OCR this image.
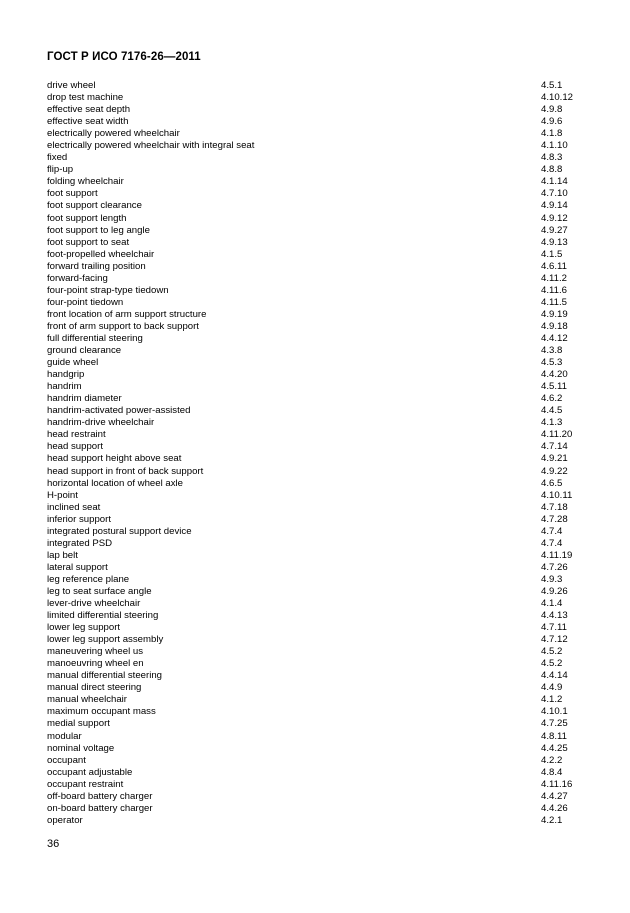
ГОСТ Р ИСО 7176-26—2011
drive wheel	4.5.1
drop test machine	4.10.12
effective seat depth	4.9.8
effective seat width	4.9.6
electrically powered wheelchair	4.1.8
electrically powered wheelchair with integral seat	4.1.10
fixed	4.8.3
flip-up	4.8.8
folding wheelchair	4.1.14
foot support	4.7.10
foot support clearance	4.9.14
foot support length	4.9.12
foot support to leg angle	4.9.27
foot support to seat	4.9.13
foot-propelled wheelchair	4.1.5
forward trailing position	4.6.11
forward-facing	4.11.2
four-point strap-type tiedown	4.11.6
four-point tiedown	4.11.5
front location of arm support structure	4.9.19
front of arm support to back support	4.9.18
full differential steering	4.4.12
ground clearance	4.3.8
guide wheel	4.5.3
handgrip	4.4.20
handrim	4.5.11
handrim diameter	4.6.2
handrim-activated power-assisted	4.4.5
handrim-drive wheelchair	4.1.3
head restraint	4.11.20
head support	4.7.14
head support height above seat	4.9.21
head support in front of back support	4.9.22
horizontal location of wheel axle	4.6.5
H-point	4.10.11
inclined seat	4.7.18
inferior support	4.7.28
integrated postural support device	4.7.4
integrated PSD	4.7.4
lap belt	4.11.19
lateral support	4.7.26
leg reference plane	4.9.3
leg to seat surface angle	4.9.26
lever-drive wheelchair	4.1.4
limited differential steering	4.4.13
lower leg support	4.7.11
lower leg support assembly	4.7.12
maneuvering wheel us	4.5.2
manoeuvring wheel en	4.5.2
manual differential steering	4.4.14
manual direct steering	4.4.9
manual wheelchair	4.1.2
maximum occupant mass	4.10.1
medial support	4.7.25
modular	4.8.11
nominal voltage	4.4.25
occupant	4.2.2
occupant adjustable	4.8.4
occupant restraint	4.11.16
off-board battery charger	4.4.27
on-board battery charger	4.4.26
operator	4.2.1
36
